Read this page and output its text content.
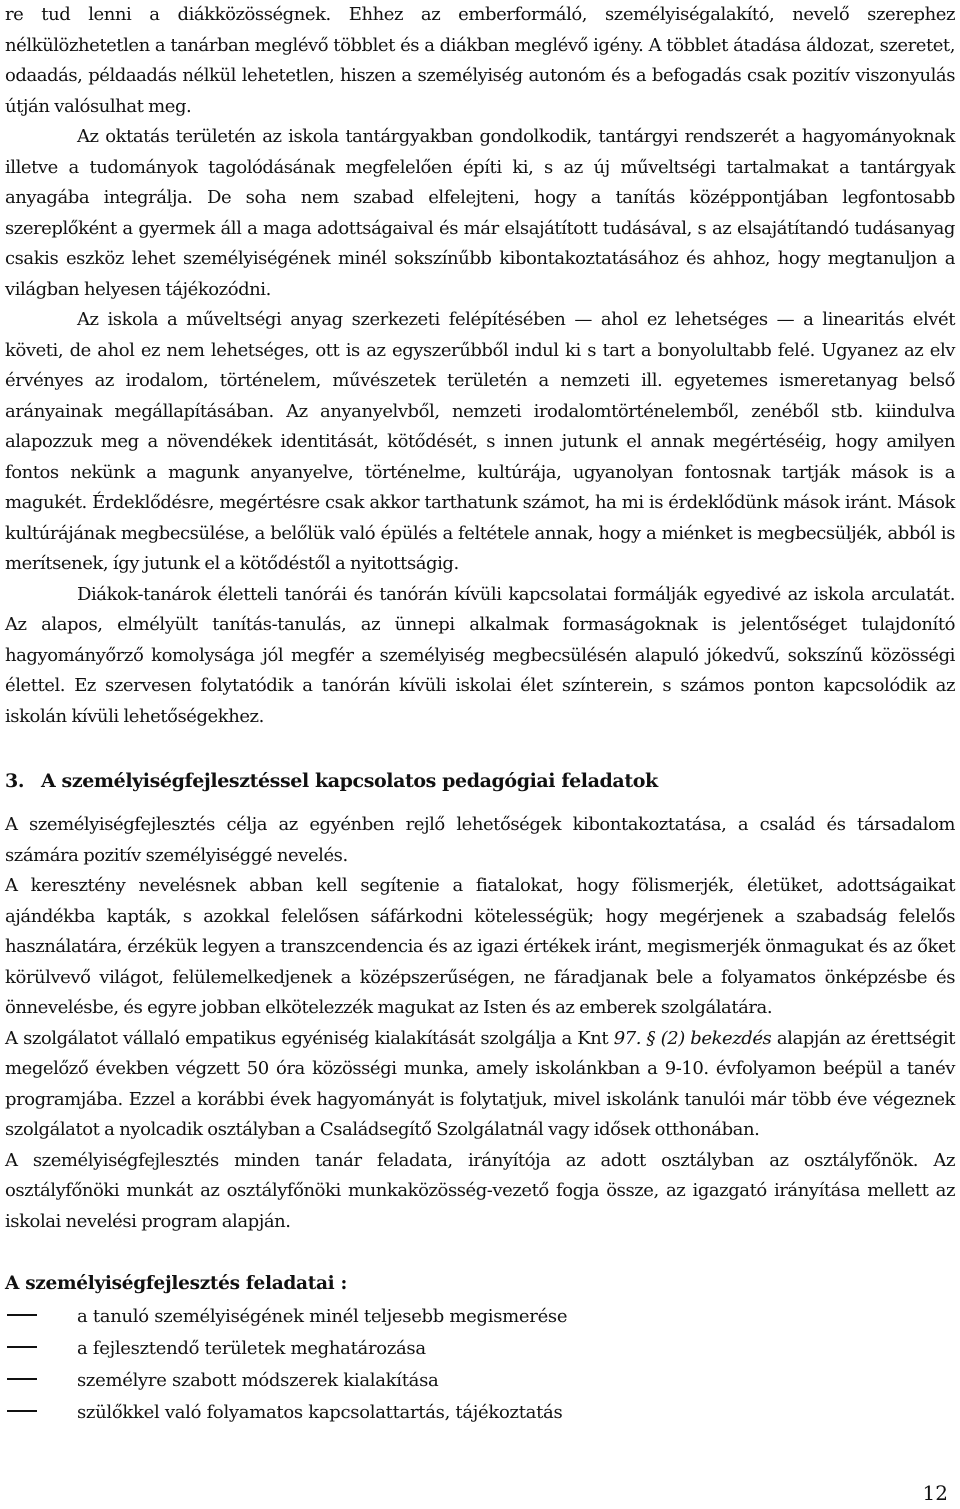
re tud lenni a diákközösségnek. Ehhez az emberformáló, személyiségalakító, nevelő szerephez nélkülözhetetlen a tanárban meglévő többlet és a diákban meglévő igény. A többlet átadása áldozat, szeretet, odaadás, példaadás nélkül lehetetlen, hiszen a személyiség autonóm és a befogadás csak pozitív viszonyulás útján valósulhat meg.

Az oktatás területén az iskola tantárgyakban gondolkodik, tantárgyi rendszerét a hagyományoknak illetve a tudományok tagolódásának megfelelően építi ki, s az új műveltségi tartalmakat a tantárgyak anyagába integrálja. De soha nem szabad elfelejteni, hogy a tanítás középpontjában legfontosabb szereplőként a gyermek áll a maga adottságaival és már elsajátított tudásával, s az elsajátítandó tudásanyag csakis eszköz lehet személyiségének minél sokszínűbb kibontakoztatásához és ahhoz, hogy megtanuljon a világban helyesen tájékozódni.

Az iskola a műveltségi anyag szerkezeti felépítésében — ahol ez lehetséges — a linearitás elvét követi, de ahol ez nem lehetséges, ott is az egyszerűbből indul ki s tart a bonyolultabb felé. Ugyanez az elv érvényes az irodalom, történelem, művészetek területén a nemzeti ill. egyetemes ismeretanyag belső arányainak megállapításában. Az anyanyelvből, nemzeti irodalomtörténelemből, zenéből stb. kiindulva alapozzuk meg a növendékek identitását, kötődését, s innen jutunk el annak megértéséig, hogy amilyen fontos nekünk a magunk anyanyelve, történelme, kultúrája, ugyanolyan fontosnak tartják mások is a magukét. Érdeklődésre, megértésre csak akkor tarthatunk számot, ha mi is érdeklődünk mások iránt. Mások kultúrájának megbecsülése, a belőlük való épülés a feltétele annak, hogy a miénket is megbecsüljék, abból is merítsenek, így jutunk el a kötődéstől a nyitottságig.

Diákok-tanárok életteli tanórái és tanórán kívüli kapcsolatai formálják egyedivé az iskola arculatát. Az alapos, elmélyült tanítás-tanulás, az ünnepi alkalmak formaságoknak is jelentőséget tulajdonító hagyományőrző komolysága jól megfér a személyiség megbecsülésén alapuló jókedvű, sokszínű közösségi élettel. Ez szervesen folytatódik a tanórán kívüli iskolai élet színterein, s számos ponton kapcsolódik az iskolán kívüli lehetőségekhez.

3. A személyiségfejlesztéssel kapcsolatos pedagógiai feladatok

A személyiségfejlesztés célja az egyénben rejlő lehetőségek kibontakoztatása, a család és társadalom számára pozitív személyiséggé nevelés.

A keresztény nevelésnek abban kell segítenie a fiatalokat, hogy fölismerjék, életüket, adottságaikat ajándékba kapták, s azokkal felelősen sáfárkodni kötelességük; hogy megérjenek a szabadság felelős használatára, érzékük legyen a transzcendencia és az igazi értékek iránt, megismerjék önmagukat és az őket körülvevő világot, felülemelkedjenek a középszerűségen, ne fáradjanak bele a folyamatos önképzésbe és önnevelésbe, és egyre jobban elkötelezzék magukat az Isten és az emberek szolgálatára.

A szolgálatot vállaló empatikus egyéniség kialakítását szolgálja a Knt 97. § (2) bekezdés alapján az érettségit megelőző években végzett 50 óra közösségi munka, amely iskolánkban a 9-10. évfolyamon beépül a tanév programjába. Ezzel a korábbi évek hagyományát is folytatjuk, mivel iskolánk tanulói már több éve végeznek szolgálatot a nyolcadik osztályban a Családsegítő Szolgálatnál vagy idősek otthonában.

A személyiségfejlesztés minden tanár feladata, irányítója az adott osztályban az osztályfőnök. Az osztályfőnöki munkát az osztályfőnöki munkaközösség-vezető fogja össze, az igazgató irányítása mellett az iskolai nevelési program alapján.

A személyiségfejlesztés feladatai :
a tanuló személyiségének minél teljesebb megismerése
a fejlesztendő területek meghatározása
személyre szabott módszerek kialakítása
szülőkkel való folyamatos kapcsolattartás, tájékoztatás
12
